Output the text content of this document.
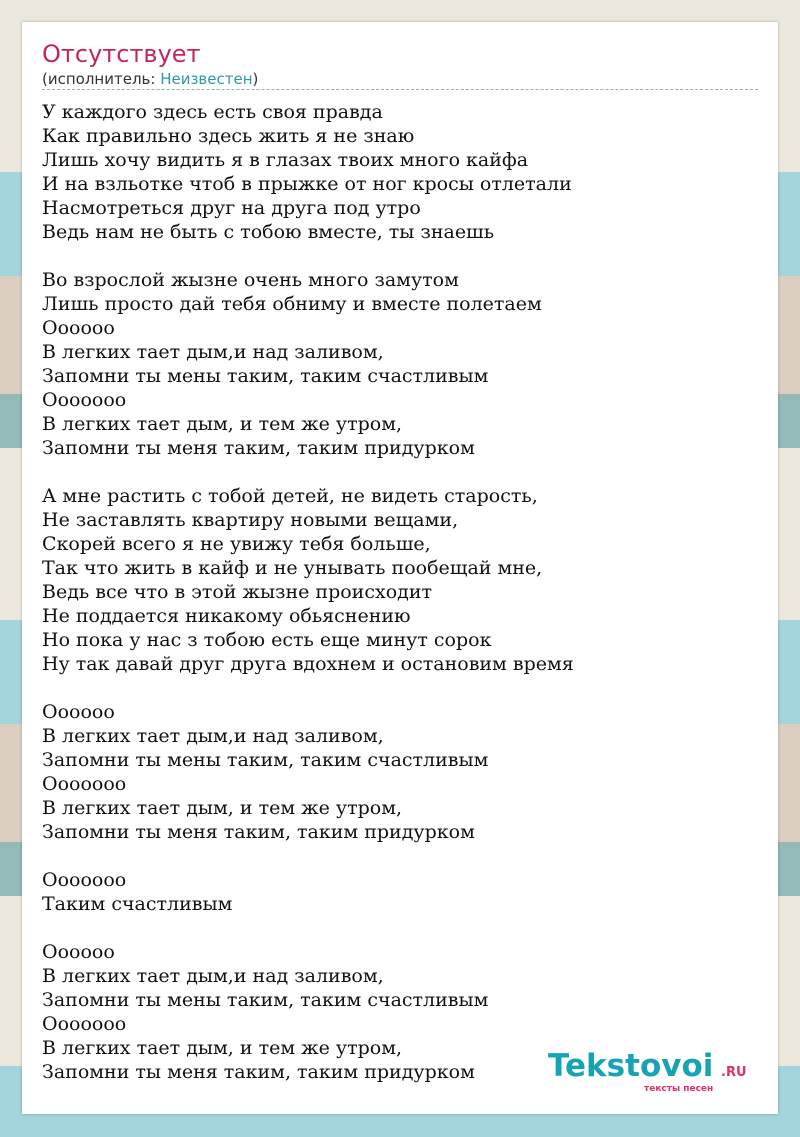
Отсутствует
(исполнитель: Неизвестен)
У каждого здесь есть своя правда
Как правильно здесь жить я не знаю
Лишь хочу видить я в глазах твоих много кайфа
И на взльотке чтоб в прыжке от ног кросы отлетали
Насмотреться друг на друга под утро
Ведь нам не быть с тобою вместе, ты знаешь
Во взрослой жызне очень много замутом
Лишь просто дай тебя обниму и вместе полетаем
Оооооо
В легких тает дым,и над заливом,
Запомни ты мены таким, таким счастливым
Ооооооо
В легких тает дым, и тем же утром,
Запомни ты меня таким, таким придурком
А мне растить с тобой детей, не видеть старость,
Не заставлять квартиру новыми вещами,
Скорей всего я не увижу тебя больше,
Так что жить в кайф и не унывать пообещай мне,
Ведь все что в этой жызне происходит
Не поддается никакому обьяснению
Но пока у нас з тобою есть еще минут сорок
Ну так давай друг друга вдохнем и остановим время
Оооооо
В легких тает дым,и над заливом,
Запомни ты мены таким, таким счастливым
Ооооооо
В легких тает дым, и тем же утром,
Запомни ты меня таким, таким придурком
Ооооооо
Таким счастливым
Оооооо
В легких тает дым,и над заливом,
Запомни ты мены таким, таким счастливым
Ооооооо
В легких тает дым, и тем же утром,
Запомни ты меня таким, таким придурком	Tekstovoi .RU
тексты песен
